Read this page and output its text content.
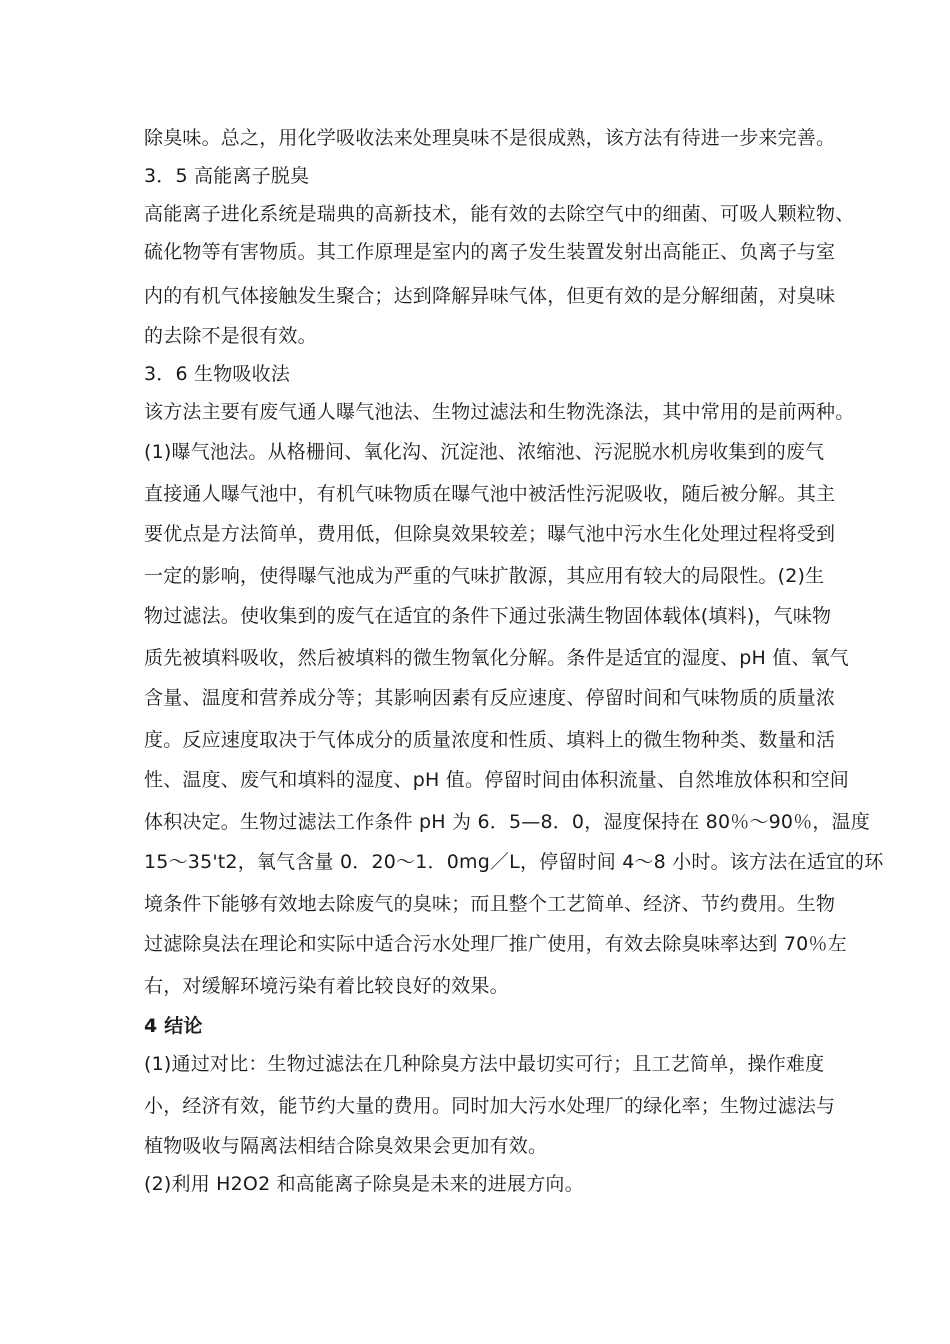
除臭味。总之，用化学吸收法来处理臭味不是很成熟，该方法有待进一步来完善。
3．5 高能离子脱臭
高能离子进化系统是瑞典的高新技术，能有效的去除空气中的细菌、可吸人颗粒物、
硫化物等有害物质。其工作原理是室内的离子发生装置发射出高能正、负离子与室
内的有机气体接触发生聚合；达到降解异味气体，但更有效的是分解细菌，对臭味
的去除不是很有效。
3．6 生物吸收法
该方法主要有废气通人曝气池法、生物过滤法和生物洗涤法，其中常用的是前两种。
(1)曝气池法。从格栅间、氧化沟、沉淀池、浓缩池、污泥脱水机房收集到的废气
直接通人曝气池中，有机气味物质在曝气池中被活性污泥吸收，随后被分解。其主
要优点是方法简单，费用低，但除臭效果较差；曝气池中污水生化处理过程将受到
一定的影响，使得曝气池成为严重的气味扩散源，其应用有较大的局限性。(2)生
物过滤法。使收集到的废气在适宜的条件下通过张满生物固体载体(填料)，气味物
质先被填料吸收，然后被填料的微生物氧化分解。条件是适宜的湿度、pH 值、氧气
含量、温度和营养成分等；其影响因素有反应速度、停留时间和气味物质的质量浓
度。反应速度取决于气体成分的质量浓度和性质、填料上的微生物种类、数量和活
性、温度、废气和填料的湿度、pH 值。停留时间由体积流量、自然堆放体积和空间
体积决定。生物过滤法工作条件 pH 为 6．5—8．0，湿度保持在 80％～90％，温度
15～35't2，氧气含量 0．20～1．0mg／L，停留时间 4～8 小时。该方法在适宜的环
境条件下能够有效地去除废气的臭味；而且整个工艺简单、经济、节约费用。生物
过滤除臭法在理论和实际中适合污水处理厂推广使用，有效去除臭味率达到 70％左
右，对缓解环境污染有着比较良好的效果。
4 结论
(1)通过对比：生物过滤法在几种除臭方法中最切实可行；且工艺简单，操作难度
小，经济有效，能节约大量的费用。同时加大污水处理厂的绿化率；生物过滤法与
植物吸收与隔离法相结合除臭效果会更加有效。
(2)利用 H2O2 和高能离子除臭是未来的进展方向。
